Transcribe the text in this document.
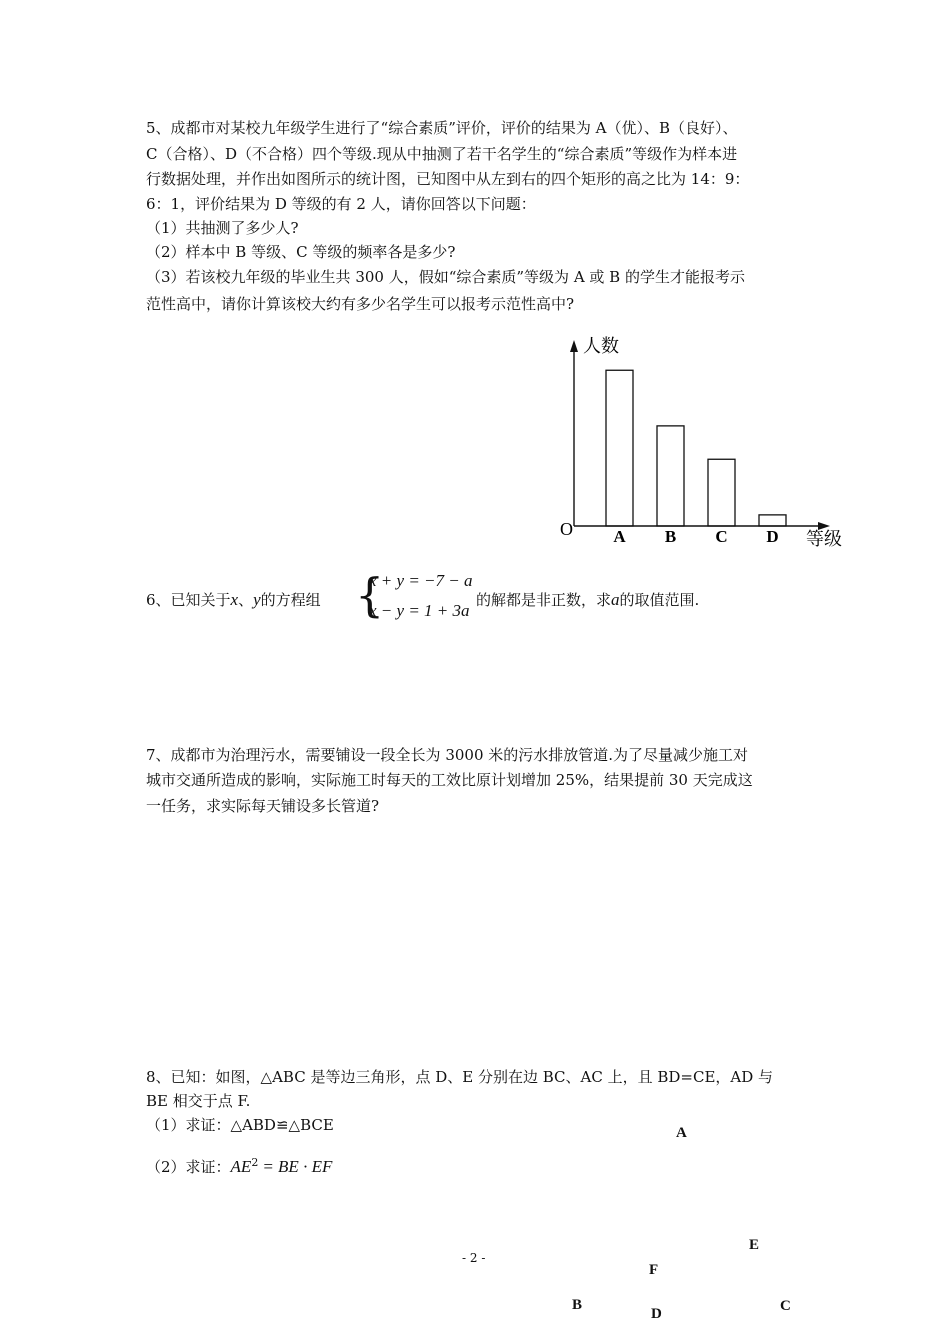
5、成都市对某校九年级学生进行了“综合素质”评价，评价的结果为 A（优）、B（良好）、
C（合格）、D（不合格）四个等级.现从中抽测了若干名学生的“综合素质”等级作为样本进
行数据处理，并作出如图所示的统计图，已知图中从左到右的四个矩形的高之比为 14：9：
6：1，评价结果为 D 等级的有 2 人，请你回答以下问题：
（1）共抽测了多少人?
（2）样本中 B 等级、C 等级的频率各是多少?
（3）若该校九年级的毕业生共 300 人，假如“综合素质”等级为 A 或 B 的学生才能报考示
范性高中，请你计算该校大约有多少名学生可以报考示范性高中?
人数
等级
O A B C D
6、已知关于x、y的方程组 {
x + y = −7 − a
x − y = 1 + 3a
的解都是非正数，求a的取值范围.
7、成都市为治理污水，需要铺设一段全长为 3000 米的污水排放管道.为了尽量减少施工对
城市交通所造成的影响，实际施工时每天的工效比原计划增加 25%，结果提前 30 天完成这
一任务，求实际每天铺设多长管道?
8、已知：如图，△ABC 是等边三角形，点 D、E 分别在边 BC、AC 上，且 BD=CE，AD 与
BE 相交于点 F.
（1）求证：△ABD≌△BCE
（2）求证：$AE^2$ = BE · EF
A
E
F
B
D	C
- 2 -
